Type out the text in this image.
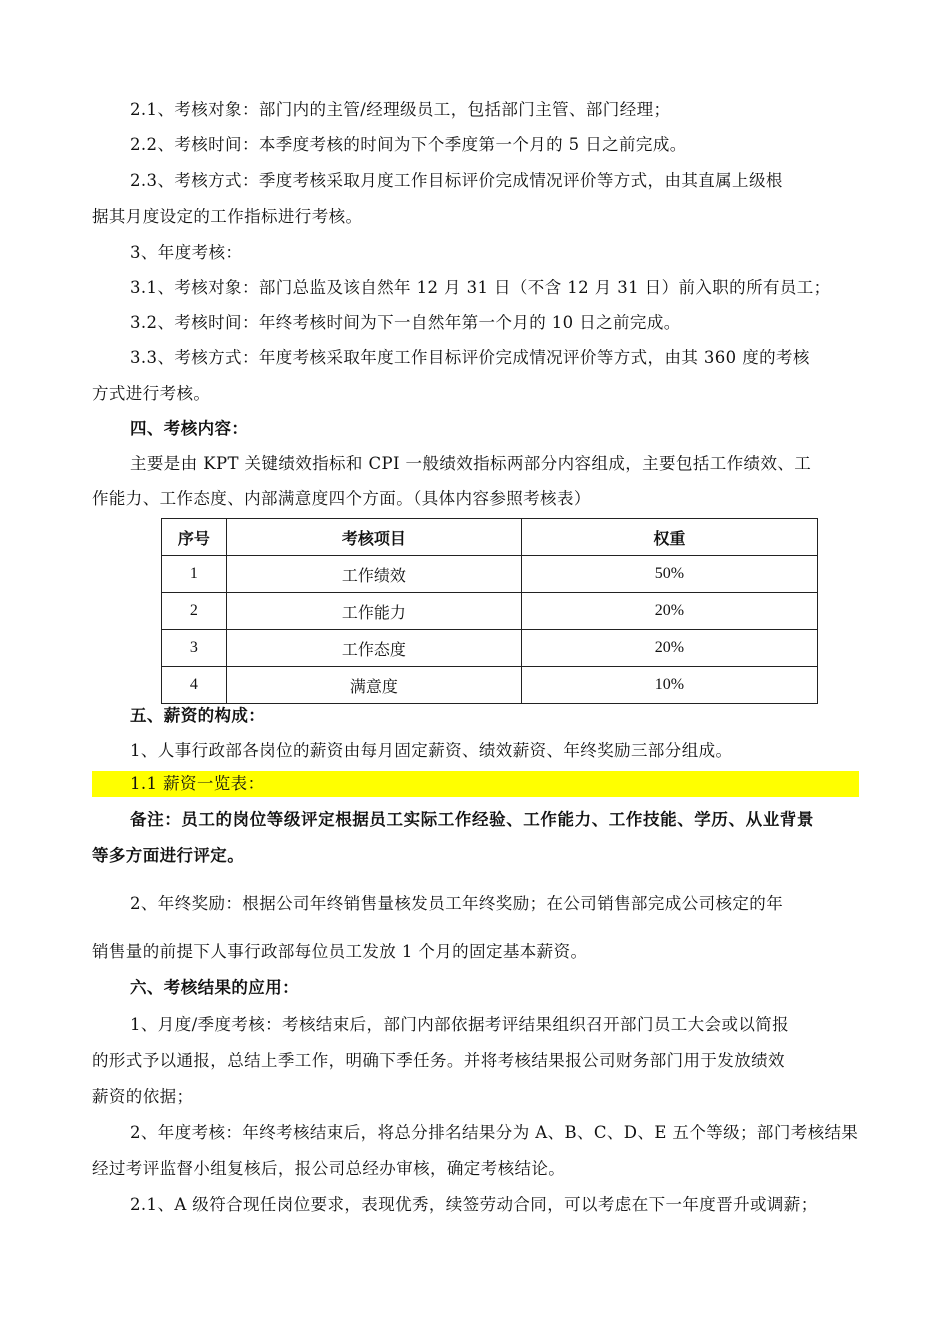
2.1、考核对象：部门内的主管/经理级员工，包括部门主管、部门经理；
2.2、考核时间：本季度考核的时间为下个季度第一个月的 5 日之前完成。
2.3、考核方式：季度考核采取月度工作目标评价完成情况评价等方式，由其直属上级根
据其月度设定的工作指标进行考核。
3、年度考核：
3.1、考核对象：部门总监及该自然年 12 月 31 日（不含 12 月 31 日）前入职的所有员工；
3.2、考核时间：年终考核时间为下一自然年第一个月的 10 日之前完成。
3.3、考核方式：年度考核采取年度工作目标评价完成情况评价等方式，由其 360 度的考核
方式进行考核。
四、考核内容：
主要是由 KPT 关键绩效指标和 CPI 一般绩效指标两部分内容组成，主要包括工作绩效、工
作能力、工作态度、内部满意度四个方面。（具体内容参照考核表）
序号	考核项目	权重
1	工作绩效	50%
2	工作能力	20%
3	工作态度	20%
4	满意度	10%
五、薪资的构成：
1、人事行政部各岗位的薪资由每月固定薪资、绩效薪资、年终奖励三部分组成。
1.1 薪资一览表：
备注：员工的岗位等级评定根据员工实际工作经验、工作能力、工作技能、学历、从业背景
等多方面进行评定。
2、年终奖励：根据公司年终销售量核发员工年终奖励；在公司销售部完成公司核定的年
销售量的前提下人事行政部每位员工发放 1 个月的固定基本薪资。
六、考核结果的应用：
1、月度/季度考核：考核结束后，部门内部依据考评结果组织召开部门员工大会或以简报
的形式予以通报，总结上季工作，明确下季任务。并将考核结果报公司财务部门用于发放绩效
薪资的依据；
2、年度考核：年终考核结束后，将总分排名结果分为 A、B、C、D、E 五个等级；部门考核结果
经过考评监督小组复核后，报公司总经办审核，确定考核结论。
2.1、A 级符合现任岗位要求，表现优秀，续签劳动合同，可以考虑在下一年度晋升或调薪；
